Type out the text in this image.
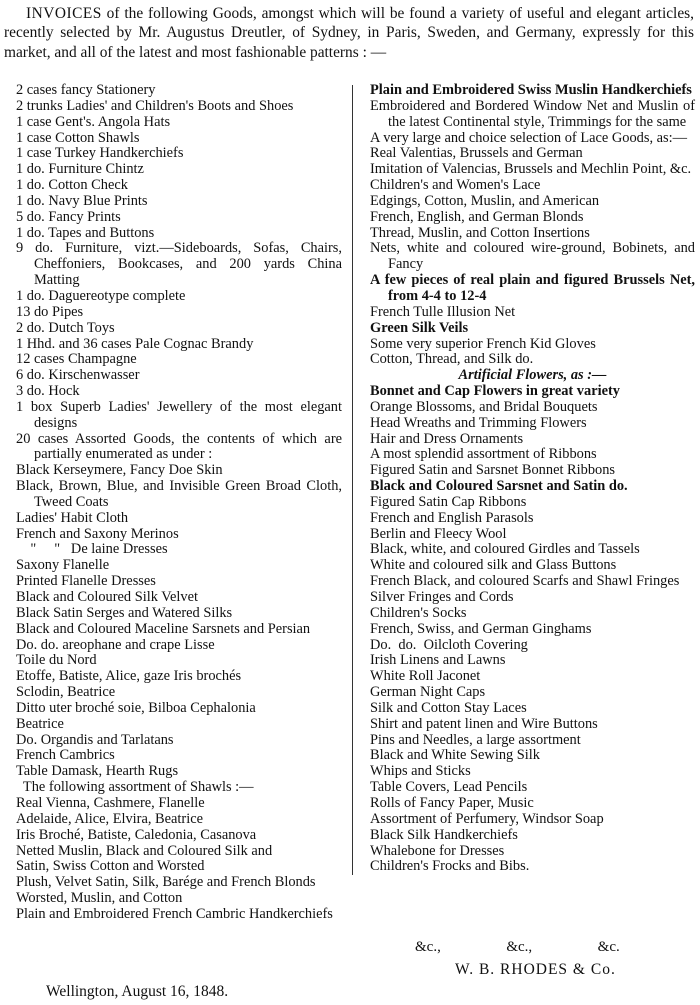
INVOICES of the following Goods, amongst which will be found a variety of useful and elegant articles, recently selected by Mr. Augustus Dreutler, of Sydney, in Paris, Sweden, and Germany, expressly for this market, and all of the latest and most fashionable patterns : —

2 cases fancy Stationery
2 trunks Ladies' and Children's Boots and Shoes
1 case Gent's. Angola Hats
1 case Cotton Shawls
1 case Turkey Handkerchiefs
1 do. Furniture Chintz
1 do. Cotton Check
1 do. Navy Blue Prints
5 do. Fancy Prints
1 do. Tapes and Buttons
9 do. Furniture, vizt.—Sideboards, Sofas, Chairs, Cheffoniers, Bookcases, and 200 yards China Matting
1 do. Daguereotype complete
13 do Pipes
2 do. Dutch Toys
1 Hhd. and 36 cases Pale Cognac Brandy
12 cases Champagne
6 do. Kirschenwasser
3 do. Hock
1 box Superb Ladies' Jewellery of the most elegant designs
20 cases Assorted Goods, the contents of which are partially enumerated as under :
Black Kerseymere, Fancy Doe Skin
Black, Brown, Blue, and Invisible Green Broad Cloth, Tweed Coats
Ladies' Habit Cloth
French and Saxony Merinos
"     "   De laine Dresses
Saxony Flanelle
Printed Flanelle Dresses
Black and Coloured Silk Velvet
Black Satin Serges and Watered Silks
Black and Coloured Maceline Sarsnets and Persian
Do. do. areophane and crape Lisse
Toile du Nord
Etoffe, Batiste, Alice, gaze Iris brochés
Sclodin, Beatrice
Ditto uter broché soie, Bilboa Cephalonia
Beatrice
Do. Organdis and Tarlatans
French Cambrics
Table Damask, Hearth Rugs
The following assortment of Shawls :—
Real Vienna, Cashmere, Flanelle
Adelaide, Alice, Elvira, Beatrice
Iris Broché, Batiste, Caledonia, Casanova
Netted Muslin, Black and Coloured Silk and
Satin, Swiss Cotton and Worsted
Plush, Velvet Satin, Silk, Barége and French Blonds
Worsted, Muslin, and Cotton
Plain and Embroidered French Cambric Handkerchiefs
Plain and Embroidered Swiss Muslin Handkerchiefs
Embroidered and Bordered Window Net and Muslin of the latest Continental style, Trimmings for the same
A very large and choice selection of Lace Goods, as:—
Real Valentias, Brussels and German
Imitation of Valencias, Brussels and Mechlin Point, &c.
Children's and Women's Lace
Edgings, Cotton, Muslin, and American
French, English, and German Blonds
Thread, Muslin, and Cotton Insertions
Nets, white and coloured wire-ground, Bobinets, and Fancy
A few pieces of real plain and figured Brussels Net, from 4-4 to 12-4
French Tulle Illusion Net
Green Silk Veils
Some very superior French Kid Gloves
Cotton, Thread, and Silk do.
Artificial Flowers, as :—
Bonnet and Cap Flowers in great variety
Orange Blossoms, and Bridal Bouquets
Head Wreaths and Trimming Flowers
Hair and Dress Ornaments
A most splendid assortment of Ribbons
Figured Satin and Sarsnet Bonnet Ribbons
Black and Coloured Sarsnet and Satin do.
Figured Satin Cap Ribbons
French and English Parasols
Berlin and Fleecy Wool
Black, white, and coloured Girdles and Tassels
White and coloured silk and Glass Buttons
French Black, and coloured Scarfs and Shawl Fringes
Silver Fringes and Cords
Children's Socks
French, Swiss, and German Ginghams
Do.  do.  Oilcloth Covering
Irish Linens and Lawns
White Roll Jaconet
German Night Caps
Silk and Cotton Stay Laces
Shirt and patent linen and Wire Buttons
Pins and Needles, a large assortment
Black and White Sewing Silk
Whips and Sticks
Table Covers, Lead Pencils
Rolls of Fancy Paper, Music
Assortment of Perfumery, Windsor Soap
Black Silk Handkerchiefs
Whalebone for Dresses
Children's Frocks and Bibs.
&c.,	&c.,	&c.
W. B. RHODES & Co.
Wellington, August 16, 1848.
